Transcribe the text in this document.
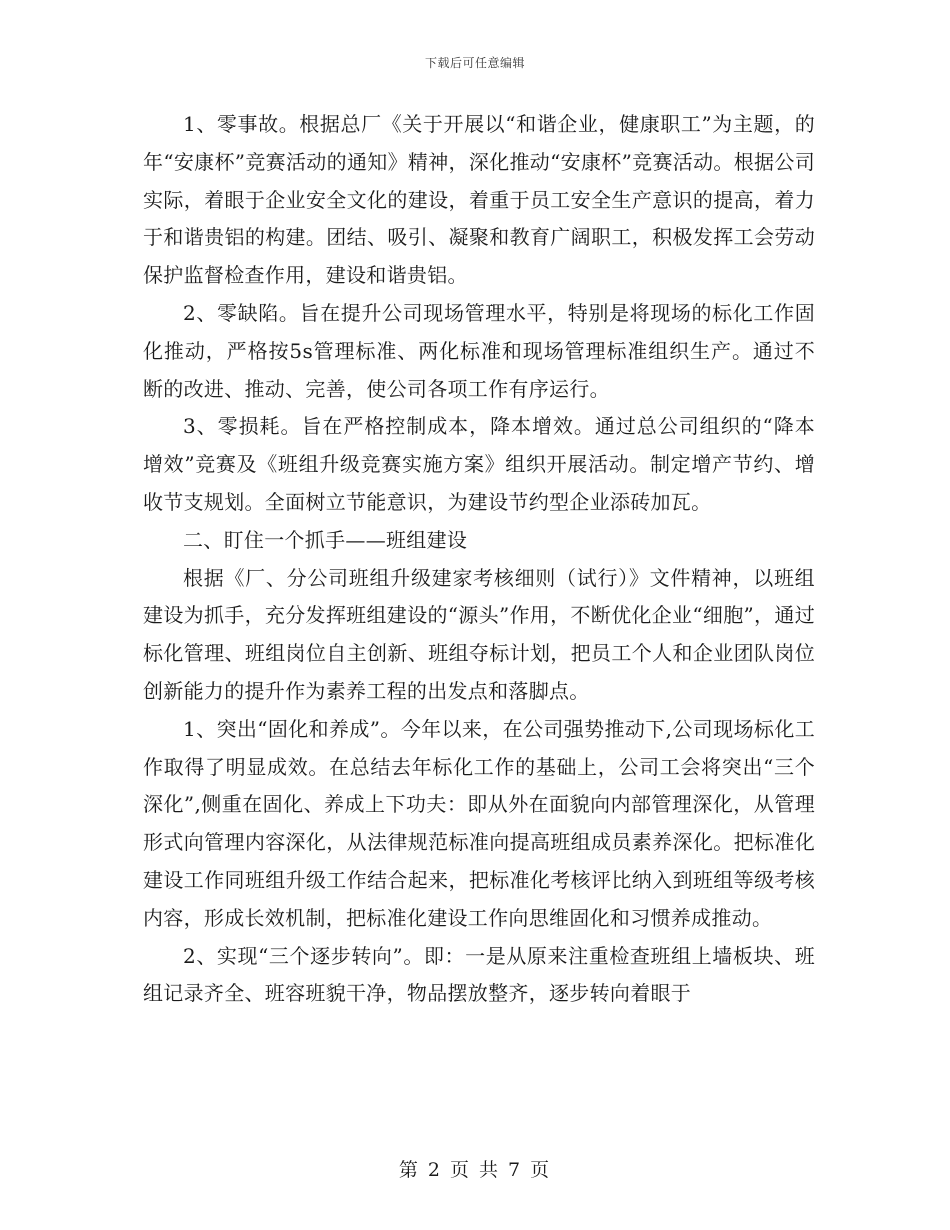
下载后可任意编辑

1、零事故。根据总厂《关于开展以“和谐企业，健康职工”为主题，的年“安康杯”竞赛活动的通知》精神，深化推动“安康杯”竞赛活动。根据公司实际，着眼于企业安全文化的建设，着重于员工安全生产意识的提高，着力于和谐贵铝的构建。团结、吸引、凝聚和教育广阔职工，积极发挥工会劳动保护监督检查作用，建设和谐贵铝。

2、零缺陷。旨在提升公司现场管理水平，特别是将现场的标化工作固化推动，严格按5s管理标准、两化标准和现场管理标准组织生产。通过不断的改进、推动、完善，使公司各项工作有序运行。

3、零损耗。旨在严格控制成本，降本增效。通过总公司组织的“降本增效”竞赛及《班组升级竞赛实施方案》组织开展活动。制定增产节约、增收节支规划。全面树立节能意识，为建设节约型企业添砖加瓦。

二、盯住一个抓手——班组建设

根据《厂、分公司班组升级建家考核细则（试行）》文件精神，以班组建设为抓手，充分发挥班组建设的“源头”作用，不断优化企业“细胞”，通过标化管理、班组岗位自主创新、班组夺标计划，把员工个人和企业团队岗位创新能力的提升作为素养工程的出发点和落脚点。

1、突出“固化和养成”。今年以来，在公司强势推动下,公司现场标化工作取得了明显成效。在总结去年标化工作的基础上，公司工会将突出“三个深化”,侧重在固化、养成上下功夫：即从外在面貌向内部管理深化，从管理形式向管理内容深化，从法律规范标准向提高班组成员素养深化。把标准化建设工作同班组升级工作结合起来，把标准化考核评比纳入到班组等级考核内容，形成长效机制，把标准化建设工作向思维固化和习惯养成推动。

2、实现“三个逐步转向”。即：一是从原来注重检查班组上墙板块、班组记录齐全、班容班貌干净，物品摆放整齐，逐步转向着眼于

第 2 页 共 7 页
